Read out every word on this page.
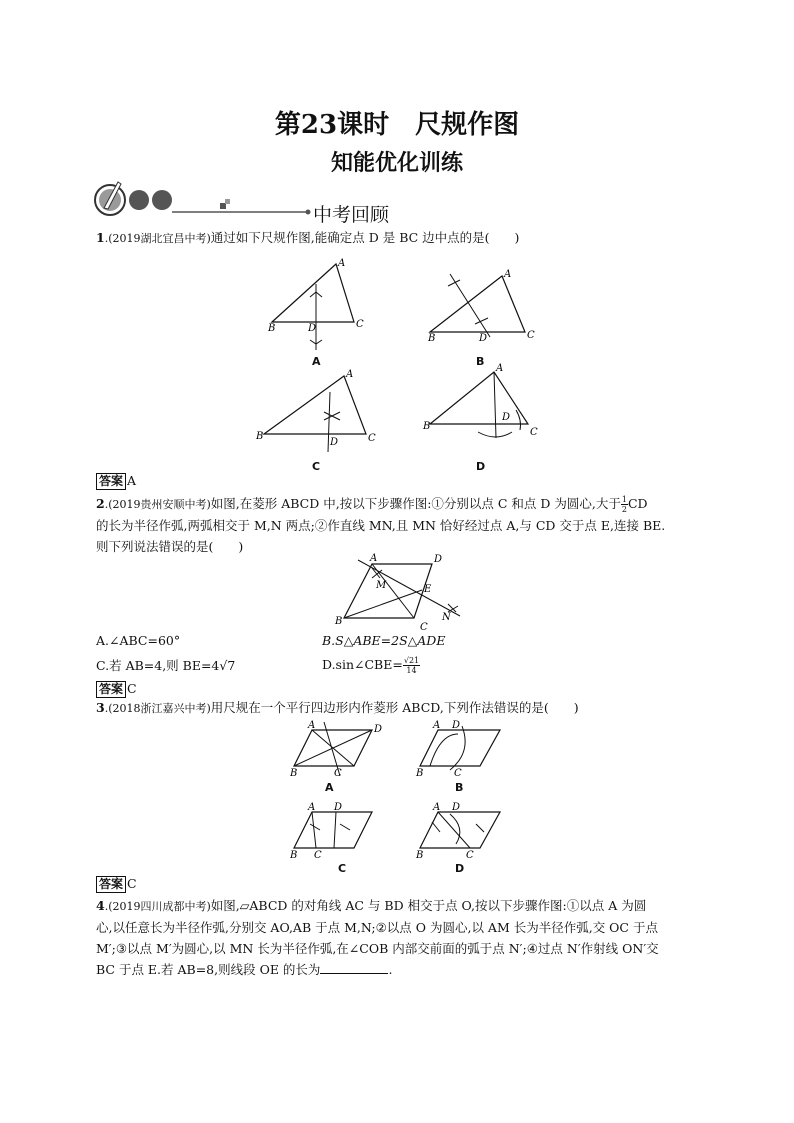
第23课时　尺规作图
知能优化训练
中考回顾
1.(2019湖北宜昌中考)通过如下尺规作图,能确定点 D 是 BC 边中点的是(　　)
A
B	C
D
A
B	C
D
A
B	C
D
A
B
C
D
A	B
C	D
答案 A
2.(2019贵州安顺中考)如图,在菱形 ABCD 中,按以下步骤作图:①分别以点 C 和点 D 为圆心,大于 $\frac{1}{2}CD$
的长为半径作弧,两弧相交于 M,N 两点;②作直线 MN,且 MN 恰好经过点 A,与 CD 交于点 E,连接 BE.
则下列说法错误的是(　　)
A	D
C
B
M	E
N
A.∠ABC=60°	B.S△ABE=2S△ADE
C.若 AB=4,则 BE=4√7	D.sin∠CBE= $\frac{√21}{14}$
答案 C
3.(2018浙江嘉兴中考)用尺规在一个平行四边形内作菱形 ABCD,下列作法错误的是(　　)
A	D
B	C
A D
B	C
A D
B C
A D
B	C
A	B
C	D
答案 C
4.(2019四川成都中考)如图,▱ABCD 的对角线 AC 与 BD 相交于点 O,按以下步骤作图:①以点 A 为圆
心,以任意长为半径作弧,分别交 AO,AB 于点 M,N;②以点 O 为圆心,以 AM 长为半径作弧,交 OC 于点
M′;③以点 M′为圆心,以 MN 长为半径作弧,在∠COB 内部交前面的弧于点 N′;④过点 N′作射线 ON′交
BC 于点 E.若 AB=8,则线段 OE 的长为	.
